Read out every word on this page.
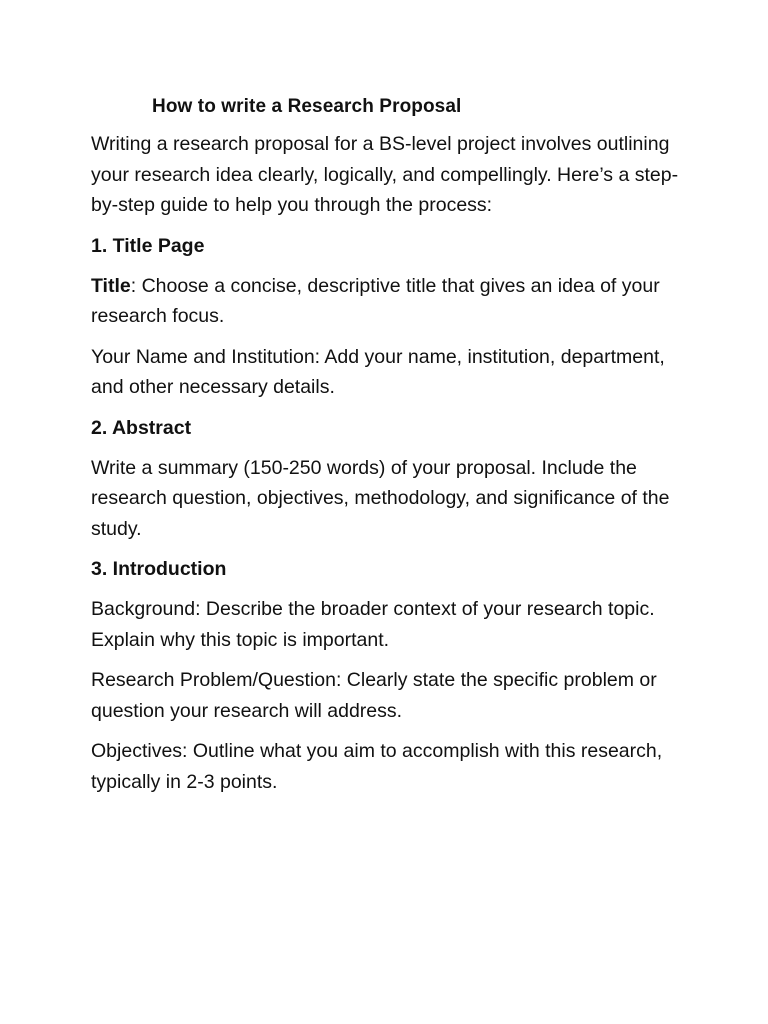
How to write a Research Proposal
Writing a research proposal for a BS-level project involves outlining your research idea clearly, logically, and compellingly. Here’s a step-by-step guide to help you through the process:
1. Title Page
Title: Choose a concise, descriptive title that gives an idea of your research focus.
Your Name and Institution: Add your name, institution, department, and other necessary details.
2. Abstract
Write a summary (150-250 words) of your proposal. Include the research question, objectives, methodology, and significance of the study.
3. Introduction
Background: Describe the broader context of your research topic. Explain why this topic is important.
Research Problem/Question: Clearly state the specific problem or question your research will address.
Objectives: Outline what you aim to accomplish with this research, typically in 2-3 points.
